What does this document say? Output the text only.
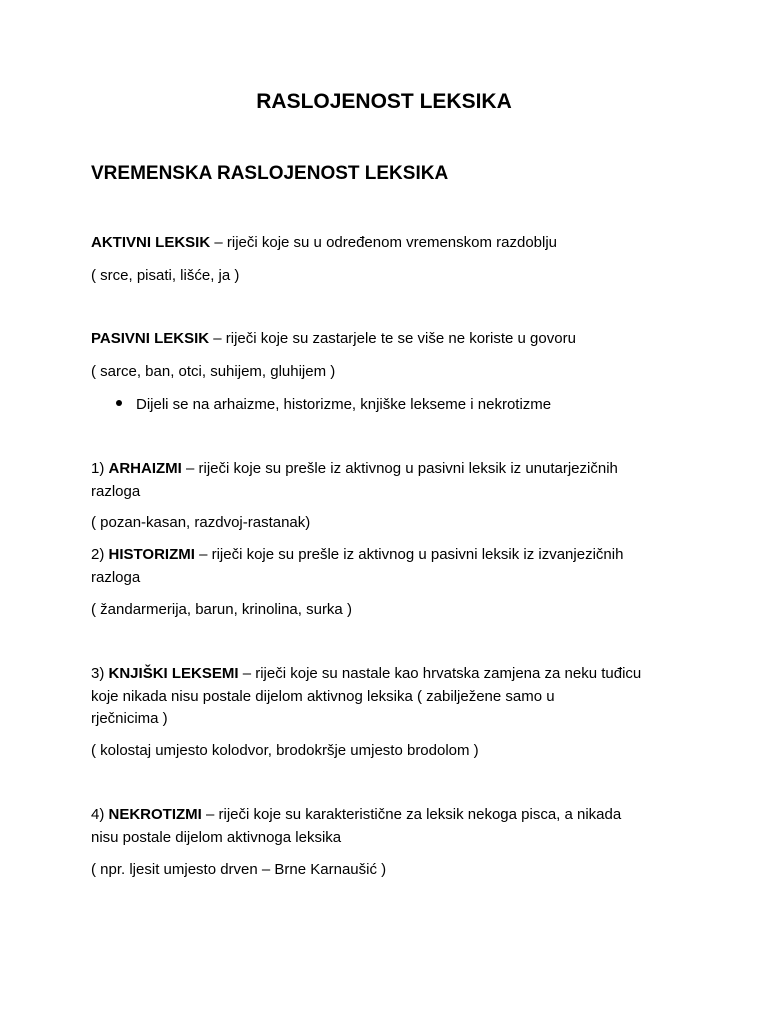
RASLOJENOST LEKSIKA
VREMENSKA RASLOJENOST LEKSIKA

AKTIVNI LEKSIK – riječi koje su u određenom vremenskom razdoblju

( srce, pisati, lišće, ja )

PASIVNI LEKSIK – riječi koje su zastarjele te se više ne koriste u govoru

( sarce, ban, otci, suhijem, gluhijem )

Dijeli se na arhaizme, historizme, knjiške lekseme i nekrotizme

1) ARHAIZMI – riječi koje su prešle iz aktivnog u pasivni leksik iz unutarjezičnih

razloga

( pozan-kasan, razdvoj-rastanak)

2) HISTORIZMI – riječi koje su prešle iz aktivnog u pasivni leksik iz izvanjezičnih

razloga

( žandarmerija, barun, krinolina, surka )

3) KNJIŠKI LEKSEMI – riječi koje su nastale kao hrvatska zamjena za neku tuđicu

koje nikada nisu postale dijelom aktivnog leksika ( zabilježene samo u

rječnicima )

( kolostaj umjesto kolodvor, brodokršje umjesto brodolom )

4) NEKROTIZMI – riječi koje su karakteristične za leksik nekoga pisca, a nikada

nisu postale dijelom aktivnoga leksika

( npr. ljesit umjesto drven – Brne Karnaušić )
